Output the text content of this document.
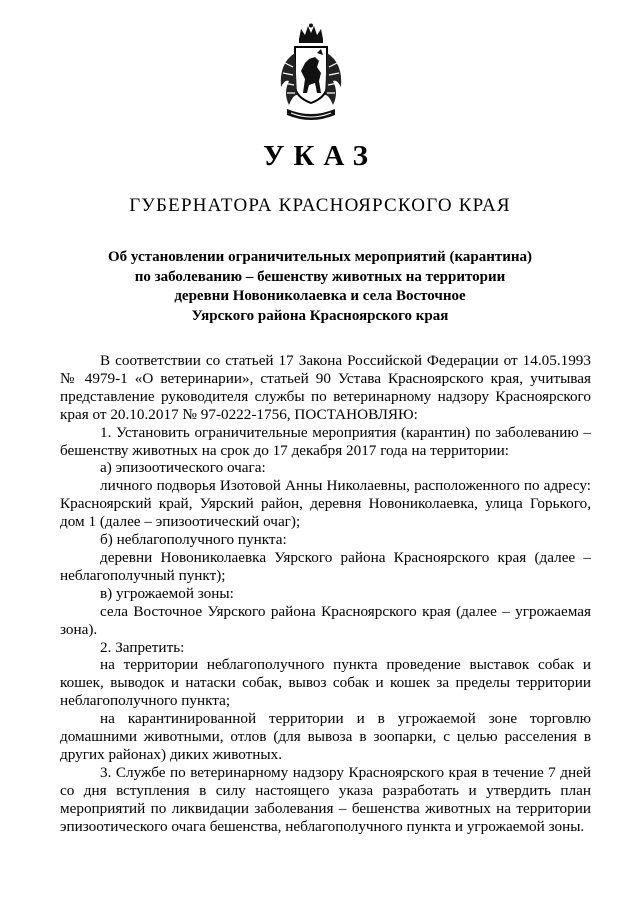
УКАЗ
ГУБЕРНАТОРА КРАСНОЯРСКОГО КРАЯ
Об установлении ограничительных мероприятий (карантина)
по заболеванию – бешенству животных на территории
деревни Новониколаевка и села Восточное
Уярского района Красноярского края

В соответствии со статьей 17 Закона Российской Федерации от 14.05.1993 № 4979-1 «О ветеринарии», статьей 90 Устава Красноярского края, учитывая представление руководителя службы по ветеринарному надзору Красноярского края от 20.10.2017 № 97-0222-1756, ПОСТАНОВЛЯЮ:

1. Установить ограничительные мероприятия (карантин) по заболеванию – бешенству животных на срок до 17 декабря 2017 года на территории:

а) эпизоотического очага:

личного подворья Изотовой Анны Николаевны, расположенного по адресу: Красноярский край, Уярский район, деревня Новониколаевка, улица Горького, дом 1 (далее – эпизоотический очаг);

б) неблагополучного пункта:

деревни Новониколаевка Уярского района Красноярского края (далее – неблагополучный пункт);

в) угрожаемой зоны:

села Восточное Уярского района Красноярского края (далее – угрожаемая зона).

2. Запретить:

на территории неблагополучного пункта проведение выставок собак и кошек, выводок и натаски собак, вывоз собак и кошек за пределы территории неблагополучного пункта;

на карантинированной территории и в угрожаемой зоне торговлю домашними животными, отлов (для вывоза в зоопарки, с целью расселения в других районах) диких животных.

3. Службе по ветеринарному надзору Красноярского края в течение 7 дней со дня вступления в силу настоящего указа разработать и утвердить план мероприятий по ликвидации заболевания – бешенства животных на территории эпизоотического очага бешенства, неблагополучного пункта и угрожаемой зоны.
